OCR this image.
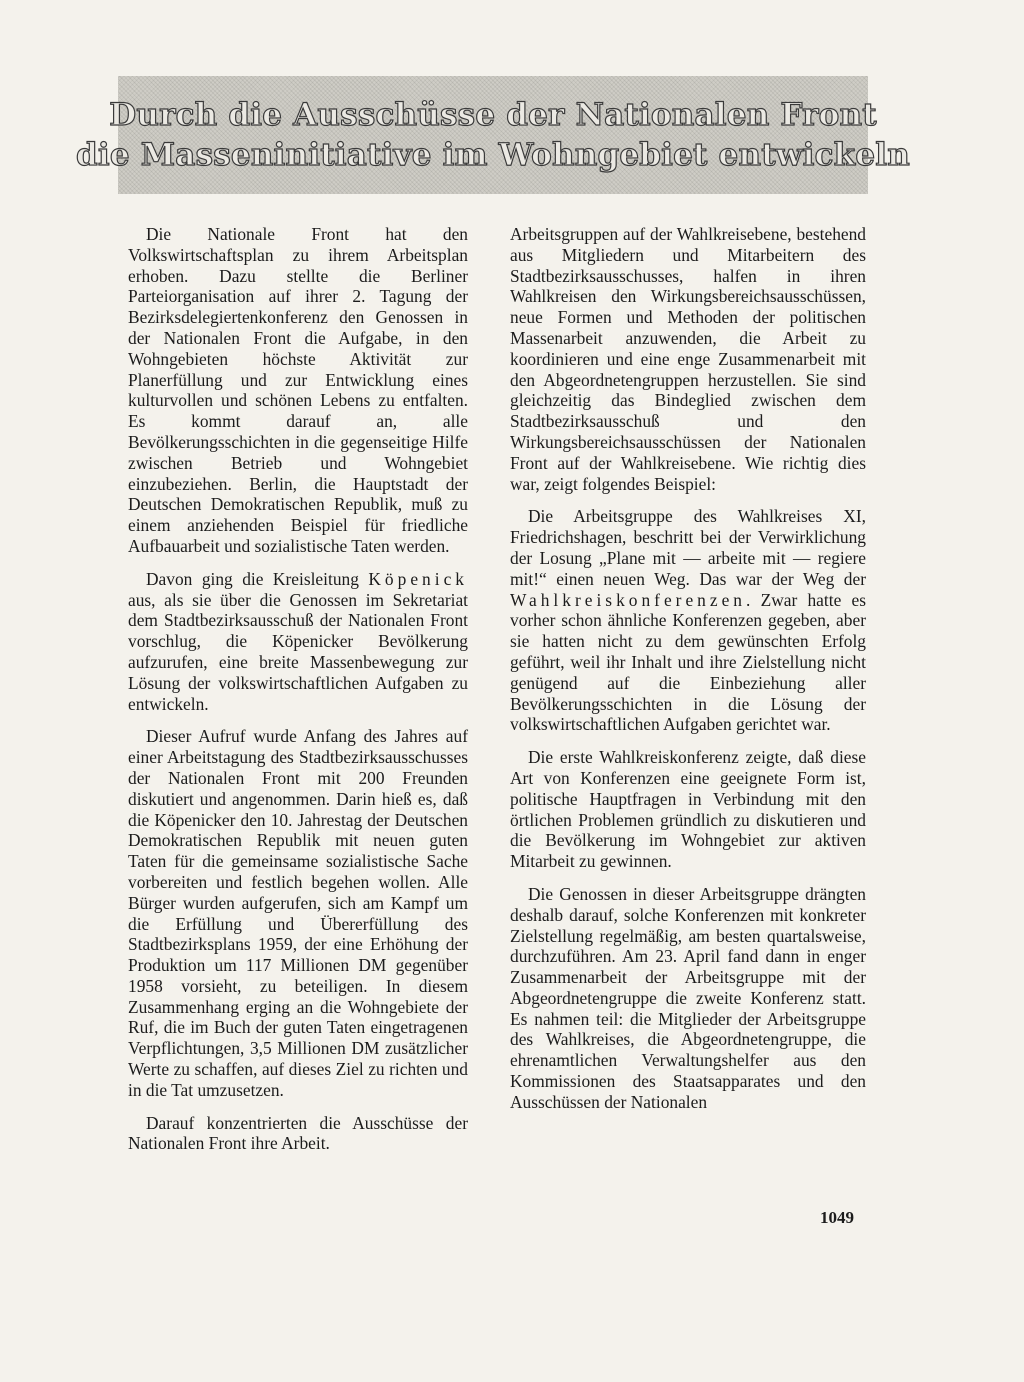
Durch die Ausschüsse der Nationalen Front
die Masseninitiative im Wohngebiet entwickeln

Die Nationale Front hat den Volkswirtschaftsplan zu ihrem Arbeitsplan erhoben. Dazu stellte die Berliner Parteiorganisation auf ihrer 2. Tagung der Bezirksdelegiertenkonferenz den Genossen in der Nationalen Front die Aufgabe, in den Wohngebieten höchste Aktivität zur Planerfüllung und zur Entwicklung eines kulturvollen und schönen Lebens zu entfalten. Es kommt darauf an, alle Bevölkerungsschichten in die gegenseitige Hilfe zwischen Betrieb und Wohngebiet einzubeziehen. Berlin, die Hauptstadt der Deutschen Demokratischen Republik, muß zu einem anziehenden Beispiel für friedliche Aufbauarbeit und sozialistische Taten werden.

Davon ging die Kreisleitung Köpenick aus, als sie über die Genossen im Sekretariat dem Stadtbezirksausschuß der Nationalen Front vorschlug, die Köpenicker Bevölkerung aufzurufen, eine breite Massenbewegung zur Lösung der volkswirtschaftlichen Aufgaben zu entwickeln.

Dieser Aufruf wurde Anfang des Jahres auf einer Arbeitstagung des Stadtbezirksausschusses der Nationalen Front mit 200 Freunden diskutiert und angenommen. Darin hieß es, daß die Köpenicker den 10. Jahrestag der Deutschen Demokratischen Republik mit neuen guten Taten für die gemeinsame sozialistische Sache vorbereiten und festlich begehen wollen. Alle Bürger wurden aufgerufen, sich am Kampf um die Erfüllung und Übererfüllung des Stadtbezirksplans 1959, der eine Erhöhung der Produktion um 117 Millionen DM gegenüber 1958 vorsieht, zu beteiligen. In diesem Zusammenhang erging an die Wohngebiete der Ruf, die im Buch der guten Taten eingetragenen Verpflichtungen, 3,5 Millionen DM zusätzlicher Werte zu schaffen, auf dieses Ziel zu richten und in die Tat umzusetzen.

Darauf konzentrierten die Ausschüsse der Nationalen Front ihre Arbeit.

Arbeitsgruppen auf der Wahlkreisebene, bestehend aus Mitgliedern und Mitarbeitern des Stadtbezirksausschusses, halfen in ihren Wahlkreisen den Wirkungsbereichsausschüssen, neue Formen und Methoden der politischen Massenarbeit anzuwenden, die Arbeit zu koordinieren und eine enge Zusammenarbeit mit den Abgeordnetengruppen herzustellen. Sie sind gleichzeitig das Bindeglied zwischen dem Stadtbezirksausschuß und den Wirkungsbereichsausschüssen der Nationalen Front auf der Wahlkreisebene. Wie richtig dies war, zeigt folgendes Beispiel:

Die Arbeitsgruppe des Wahlkreises XI, Friedrichshagen, beschritt bei der Verwirklichung der Losung „Plane mit — arbeite mit — regiere mit!“ einen neuen Weg. Das war der Weg der Wahlkreiskonferenzen. Zwar hatte es vorher schon ähnliche Konferenzen gegeben, aber sie hatten nicht zu dem gewünschten Erfolg geführt, weil ihr Inhalt und ihre Zielstellung nicht genügend auf die Einbeziehung aller Bevölkerungsschichten in die Lösung der volkswirtschaftlichen Aufgaben gerichtet war.

Die erste Wahlkreiskonferenz zeigte, daß diese Art von Konferenzen eine geeignete Form ist, politische Hauptfragen in Verbindung mit den örtlichen Problemen gründlich zu diskutieren und die Bevölkerung im Wohngebiet zur aktiven Mitarbeit zu gewinnen.

Die Genossen in dieser Arbeitsgruppe drängten deshalb darauf, solche Konferenzen mit konkreter Zielstellung regelmäßig, am besten quartalsweise, durchzuführen. Am 23. April fand dann in enger Zusammenarbeit der Arbeitsgruppe mit der Abgeordnetengruppe die zweite Konferenz statt. Es nahmen teil: die Mitglieder der Arbeitsgruppe des Wahlkreises, die Abgeordnetengruppe, die ehrenamtlichen Verwaltungshelfer aus den Kommissionen des Staatsapparates und den Ausschüssen der Nationalen

1049
